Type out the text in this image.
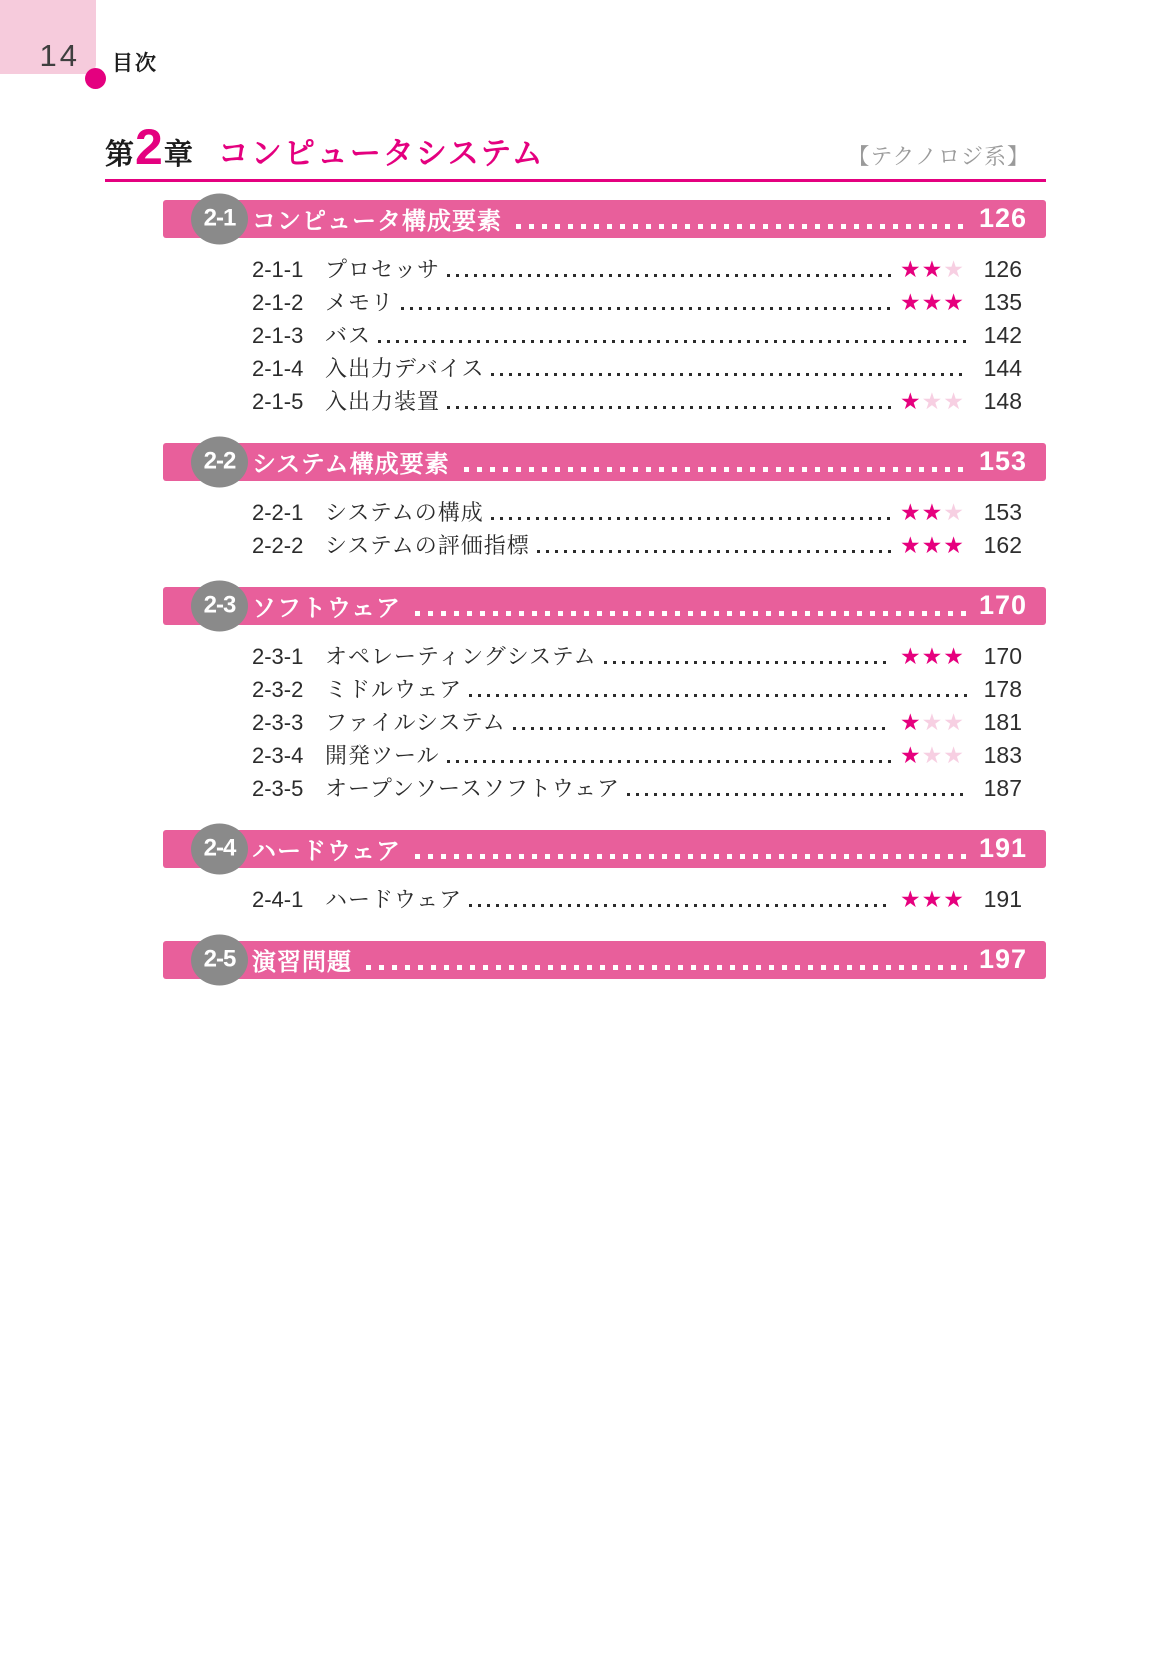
14 目次
第 2 章 コンピュータシステム	【テクノロジ系】
2-1 コンピュータ構成要素	126
2-1-1 プロセッサ	★★★ 126
2-1-2 メモリ	★★★ 135
2-1-3 バス	142
2-1-4 入出力デバイス	144
2-1-5 入出力装置	★★★ 148
2-2 システム構成要素	153
2-2-1 システムの構成	★★★ 153
2-2-2 システムの評価指標	★★★ 162
2-3 ソフトウェア	170
2-3-1 オペレーティングシステム	★★★ 170
2-3-2 ミドルウェア	178
2-3-3 ファイルシステム	★★★ 181
2-3-4 開発ツール	★★★ 183
2-3-5 オープンソースソフトウェア	187
2-4 ハードウェア	191
2-4-1 ハードウェア	★★★ 191
2-5 演習問題	197
